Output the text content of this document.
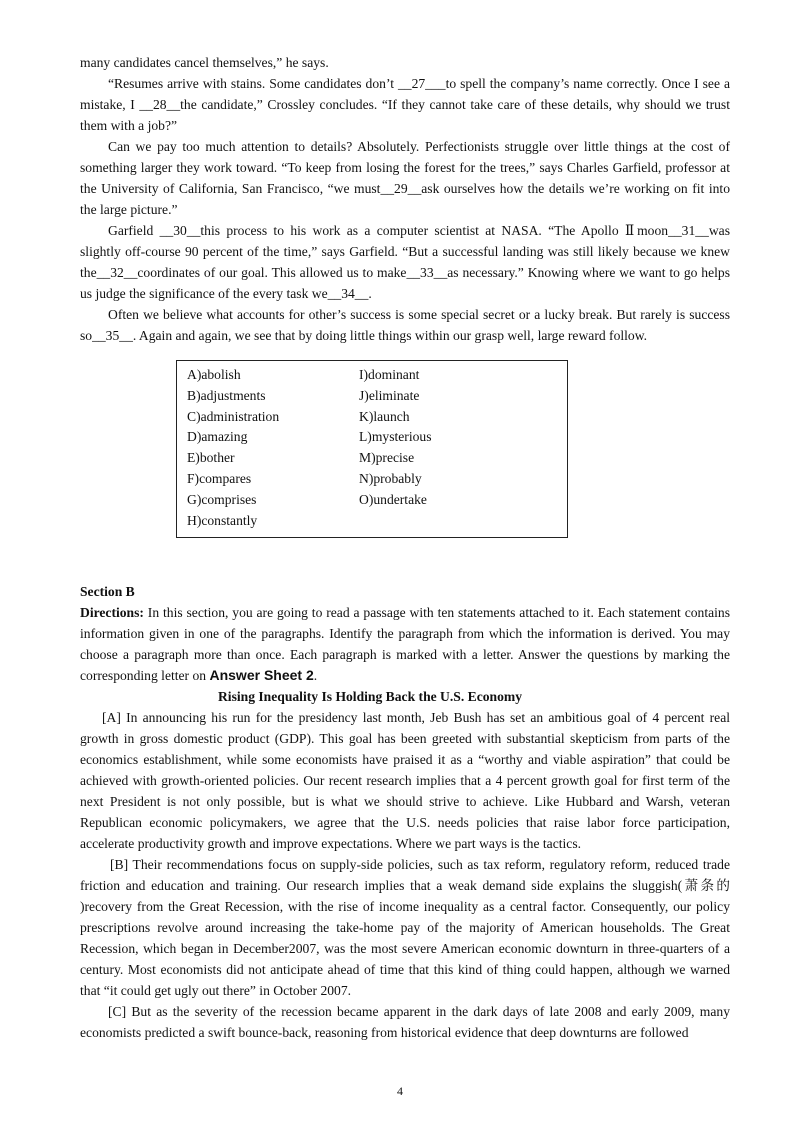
many candidates cancel themselves,” he says.

“Resumes arrive with stains. Some candidates don’t __27___to spell the company’s name correctly. Once I see a mistake, I __28__the candidate,” Crossley concludes. “If they cannot take care of these details, why should we trust them with a job?”

Can we pay too much attention to details? Absolutely. Perfectionists struggle over little things at the cost of something larger they work toward. “To keep from losing the forest for the trees,” says Charles Garfield, professor at the University of California, San Francisco, “we must__29__ask ourselves how the details we’re working on fit into the large picture.”

Garfield __30__this process to his work as a computer scientist at NASA. “The Apollo Ⅱmoon__31__was slightly off-course 90 percent of the time,” says Garfield. “But a successful landing was still likely because we knew the__32__coordinates of our goal. This allowed us to make__33__as necessary.” Knowing where we want to go helps us judge the significance of the every task we__34__.

Often we believe what accounts for other’s success is some special secret or a lucky break. But rarely is success so__35__. Again and again, we see that by doing little things within our grasp well, large reward follow.

A)abolish	I)dominant
B)adjustments	J)eliminate
C)administration	K)launch
D)amazing	L)mysterious
E)bother	M)precise
F)compares	N)probably
G)comprises	O)undertake
H)constantly
Section B

Directions: In this section, you are going to read a passage with ten statements attached to it. Each statement contains information given in one of the paragraphs. Identify the paragraph from which the information is derived. You may choose a paragraph more than once. Each paragraph is marked with a letter. Answer the questions by marking the corresponding letter on Answer Sheet 2.

Rising Inequality Is Holding Back the U.S. Economy

[A] In announcing his run for the presidency last month, Jeb Bush has set an ambitious goal of 4 percent real growth in gross domestic product (GDP). This goal has been greeted with substantial skepticism from parts of the economics establishment, while some economists have praised it as a “worthy and viable aspiration” that could be achieved with growth-oriented policies. Our recent research implies that a 4 percent growth goal for first term of the next President is not only possible, but is what we should strive to achieve. Like Hubbard and Warsh, veteran Republican economic policymakers, we agree that the U.S. needs policies that raise labor force participation, accelerate productivity growth and improve expectations. Where we part ways is the tactics.

[B] Their recommendations focus on supply-side policies, such as tax reform, regulatory reform, reduced trade friction and education and training. Our research implies that a weak demand side explains the sluggish(萧条的 )recovery from the Great Recession, with the rise of income inequality as a central factor. Consequently, our policy prescriptions revolve around increasing the take-home pay of the majority of American households. The Great Recession, which began in December2007, was the most severe American economic downturn in three-quarters of a century. Most economists did not anticipate ahead of time that this kind of thing could happen, although we warned that “it could get ugly out there” in October 2007.

[C] But as the severity of the recession became apparent in the dark days of late 2008 and early 2009, many economists predicted a swift bounce-back, reasoning from historical evidence that deep downturns are followed

4
